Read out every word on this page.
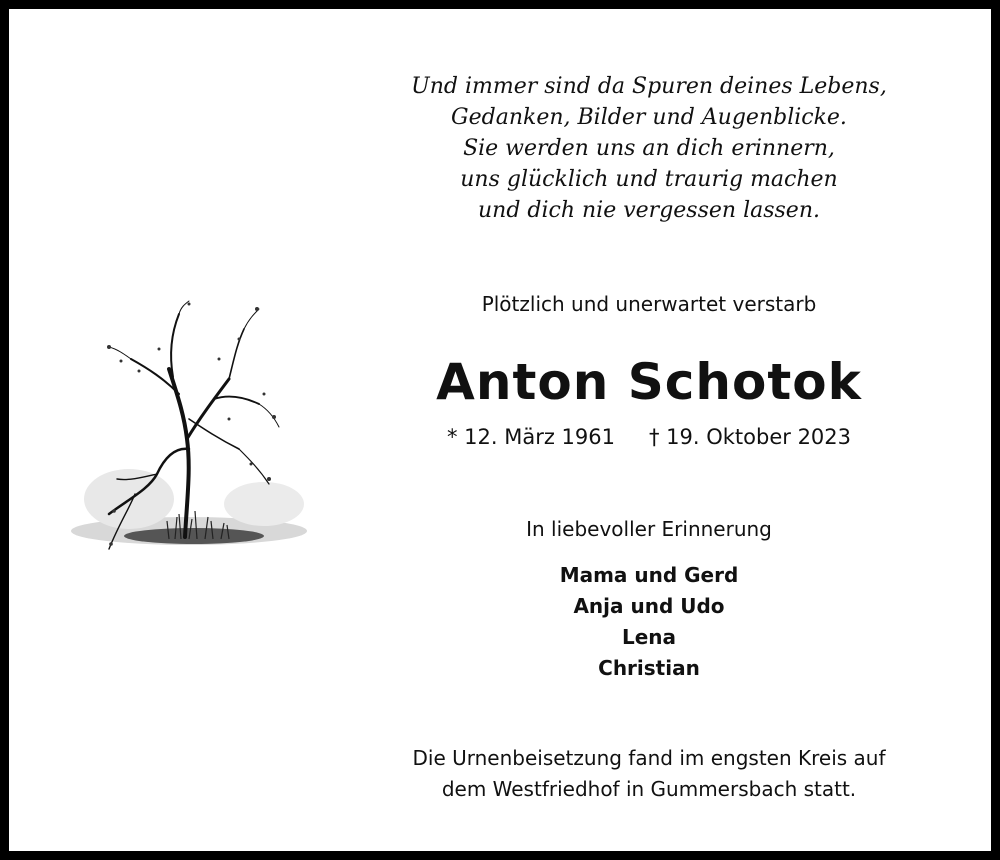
Und immer sind da Spuren deines Lebens,
Gedanken, Bilder und Augenblicke.
Sie werden uns an dich erinnern,
uns glücklich und traurig machen
und dich nie vergessen lassen.
Plötzlich und unerwartet verstarb
Anton Schotok
* 12. März 1961 † 19. Oktober 2023
In liebevoller Erinnerung
Mama und Gerd
Anja und Udo
Lena
Christian
Die Urnenbeisetzung fand im engsten Kreis auf
dem Westfriedhof in Gummersbach statt.
